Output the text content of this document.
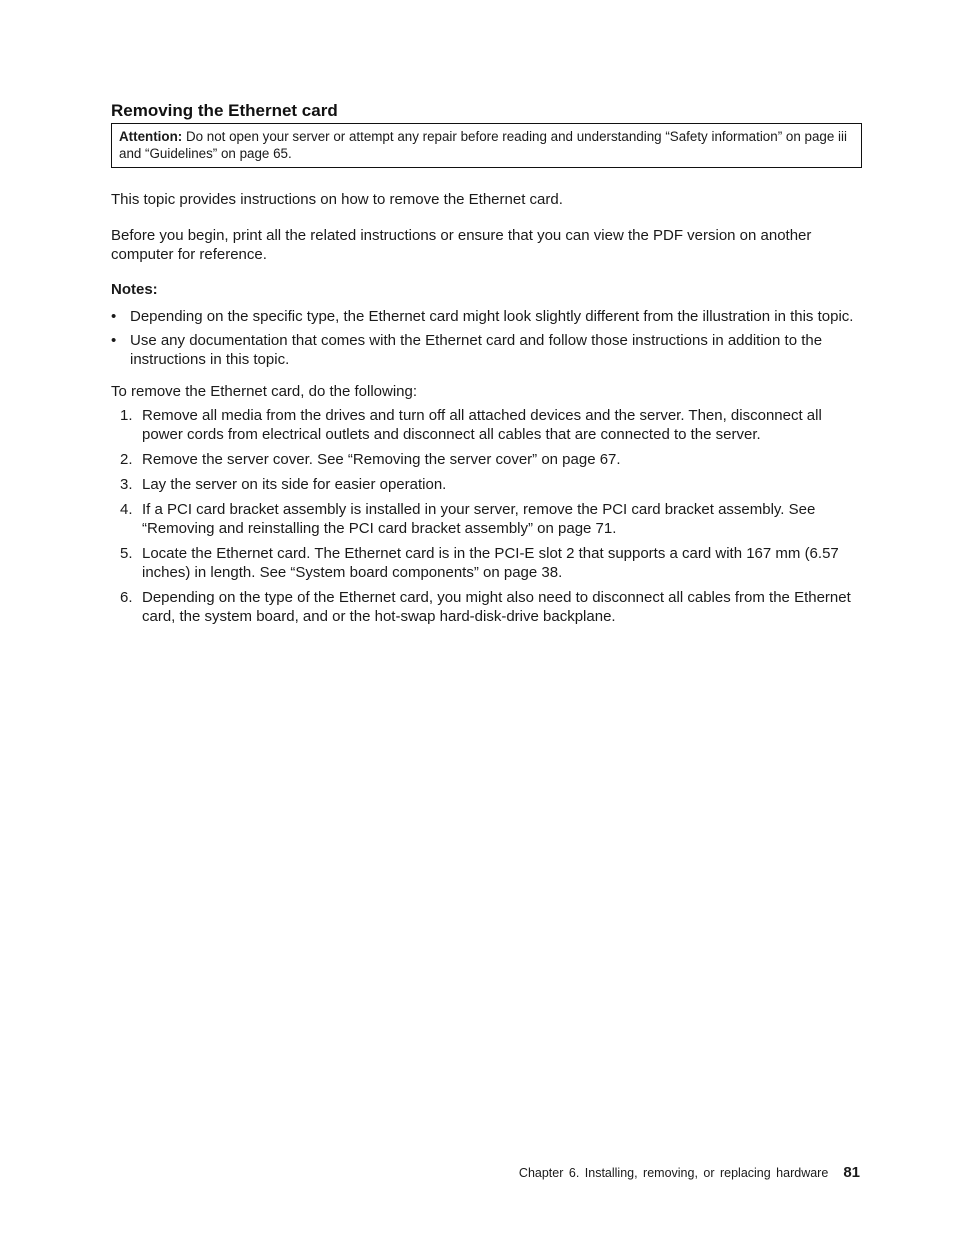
Removing the Ethernet card
Attention: Do not open your server or attempt any repair before reading and understanding “Safety information” on page iii and “Guidelines” on page 65.

This topic provides instructions on how to remove the Ethernet card.

Before you begin, print all the related instructions or ensure that you can view the PDF version on another computer for reference.

Notes:
• Depending on the specific type, the Ethernet card might look slightly different from the illustration in this topic.
• Use any documentation that comes with the Ethernet card and follow those instructions in addition to the instructions in this topic.

To remove the Ethernet card, do the following:

1. Remove all media from the drives and turn off all attached devices and the server. Then, disconnect all power cords from electrical outlets and disconnect all cables that are connected to the server.
2. Remove the server cover. See “Removing the server cover” on page 67.
3. Lay the server on its side for easier operation.
4. If a PCI card bracket assembly is installed in your server, remove the PCI card bracket assembly. See “Removing and reinstalling the PCI card bracket assembly” on page 71.
5. Locate the Ethernet card. The Ethernet card is in the PCI-E slot 2 that supports a card with 167 mm (6.57 inches) in length. See “System board components” on page 38.
6. Depending on the type of the Ethernet card, you might also need to disconnect all cables from the Ethernet card, the system board, and or the hot-swap hard-disk-drive backplane.
Chapter 6. Installing, removing, or replacing hardware 81
